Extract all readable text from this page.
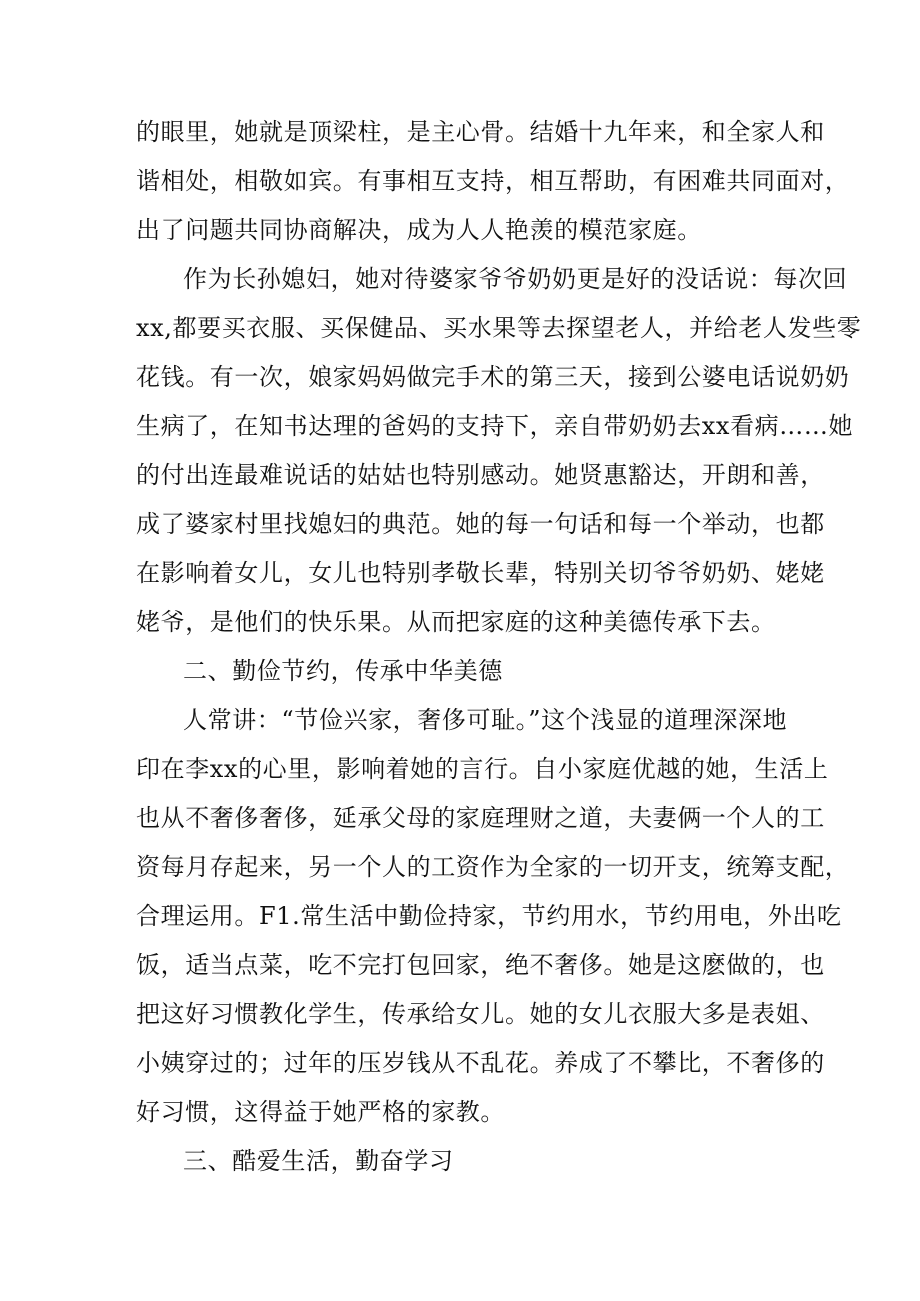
的眼里，她就是顶梁柱，是主心骨。结婚十九年来，和全家人和
谐相处，相敬如宾。有事相互支持，相互帮助，有困难共同面对，
出了问题共同协商解决，成为人人艳羡的模范家庭。
作为长孙媳妇，她对待婆家爷爷奶奶更是好的没话说：每次回
xx,都要买衣服、买保健品、买水果等去探望老人，并给老人发些零
花钱。有一次，娘家妈妈做完手术的第三天，接到公婆电话说奶奶
生病了，在知书达理的爸妈的支持下，亲自带奶奶去xx看病……她
的付出连最难说话的姑姑也特别感动。她贤惠豁达，开朗和善，
成了婆家村里找媳妇的典范。她的每一句话和每一个举动，也都
在影响着女儿，女儿也特别孝敬长辈，特别关切爷爷奶奶、姥姥
姥爷，是他们的快乐果。从而把家庭的这种美德传承下去。
二、勤俭节约，传承中华美德
人常讲：“节俭兴家，奢侈可耻。”这个浅显的道理深深地
印在李xx的心里，影响着她的言行。自小家庭优越的她，生活上
也从不奢侈奢侈，延承父母的家庭理财之道，夫妻俩一个人的工
资每月存起来，另一个人的工资作为全家的一切开支，统筹支配，
合理运用。F1.常生活中勤俭持家，节约用水，节约用电，外出吃
饭，适当点菜，吃不完打包回家，绝不奢侈。她是这麽做的，也
把这好习惯教化学生，传承给女儿。她的女儿衣服大多是表姐、
小姨穿过的；过年的压岁钱从不乱花。养成了不攀比，不奢侈的
好习惯，这得益于她严格的家教。
三、酷爱生活，勤奋学习
